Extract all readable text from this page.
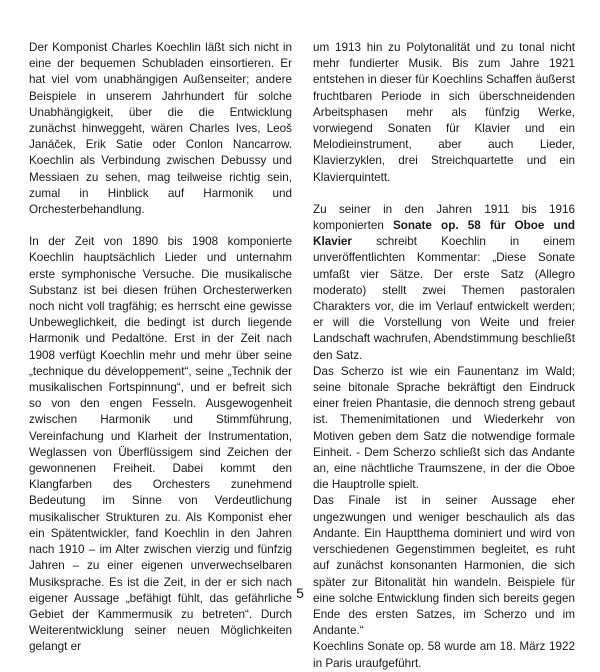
Der Komponist Charles Koechlin läßt sich nicht in eine der bequemen Schubladen einsortieren. Er hat viel vom unabhängigen Außenseiter; andere Beispiele in unserem Jahrhundert für solche Unabhängigkeit, über die die Entwicklung zunächst hinweggeht, wären Charles Ives, Leoš Janáček, Erik Satie oder Conlon Nancarrow. Koechlin als Verbindung zwischen Debussy und Messiaen zu sehen, mag teilweise richtig sein, zumal in Hinblick auf Harmonik und Orchesterbehandlung.

In der Zeit von 1890 bis 1908 komponierte Koechlin hauptsächlich Lieder und unternahm erste symphonische Versuche. Die musikalische Substanz ist bei diesen frühen Orchesterwerken noch nicht voll tragfähig; es herrscht eine gewisse Unbeweglichkeit, die bedingt ist durch liegende Harmonik und Pedaltöne. Erst in der Zeit nach 1908 verfügt Koechlin mehr und mehr über seine „technique du développement“, seine „Technik der musikalischen Fortspinnung“, und er befreit sich so von den engen Fesseln. Ausgewogenheit zwischen Harmonik und Stimmführung, Vereinfachung und Klarheit der Instrumentation, Weglassen von Überflüssigem sind Zeichen der gewonnenen Freiheit. Dabei kommt den Klangfarben des Orchesters zunehmend Bedeutung im Sinne von Verdeutlichung musikalischer Strukturen zu. Als Komponist eher ein Spätentwickler, fand Koechlin in den Jahren nach 1910 – im Alter zwischen vierzig und fünfzig Jahren – zu einer eigenen unverwechselbaren Musiksprache. Es ist die Zeit, in der er sich nach eigener Aussage „befähigt fühlt, das gefährliche Gebiet der Kammermusik zu betreten“. Durch Weiterentwicklung seiner neuen Möglichkeiten gelangt er

um 1913 hin zu Polytonalität und zu tonal nicht mehr fundierter Musik. Bis zum Jahre 1921 entstehen in dieser für Koechlins Schaffen äußerst fruchtbaren Periode in sich überschneidenden Arbeitsphasen mehr als fünfzig Werke, vorwiegend Sonaten für Klavier und ein Melodieinstrument, aber auch Lieder, Klavierzyklen, drei Streichquartette und ein Klavierquintett.

Zu seiner in den Jahren 1911 bis 1916 komponierten Sonate op. 58 für Oboe und Klavier schreibt Koechlin in einem unveröffentlichten Kommentar: „Diese Sonate umfaßt vier Sätze. Der erste Satz (Allegro moderato) stellt zwei Themen pastoralen Charakters vor, die im Verlauf entwickelt werden; er will die Vorstellung von Weite und freier Landschaft wachrufen, Abendstimmung beschließt den Satz.

Das Scherzo ist wie ein Faunentanz im Wald; seine bitonale Sprache bekräftigt den Eindruck einer freien Phantasie, die dennoch streng gebaut ist. Themenimitationen und Wiederkehr von Motiven geben dem Satz die notwendige formale Einheit. - Dem Scherzo schließt sich das Andante an, eine nächtliche Traumszene, in der die Oboe die Hauptrolle spielt.

Das Finale ist in seiner Aussage eher ungezwungen und weniger beschaulich als das Andante. Ein Hauptthema dominiert und wird von verschiedenen Gegenstimmen begleitet, es ruht auf zunächst konsonanten Harmonien, die sich später zur Bitonalität hin wandeln. Beispiele für eine solche Entwicklung finden sich bereits gegen Ende des ersten Satzes, im Scherzo und im Andante.“

Koechlins Sonate op. 58 wurde am 18. März 1922 in Paris uraufgeführt.

5
